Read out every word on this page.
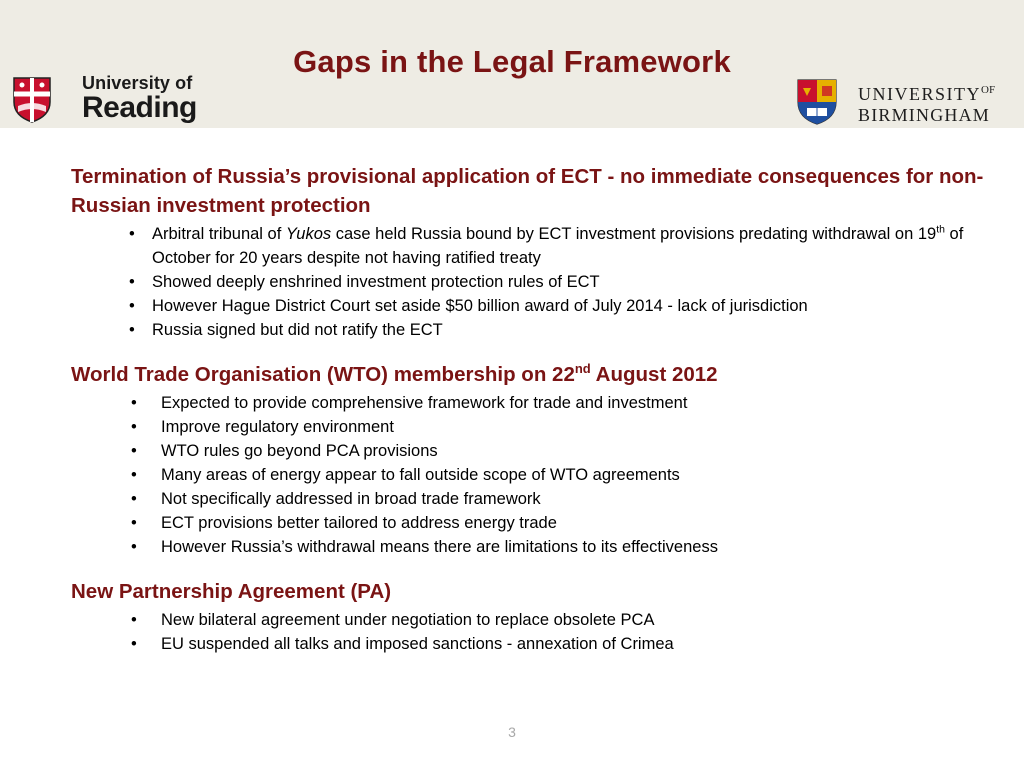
Gaps in the Legal Framework
University of
Reading	$UNIVERSITY^{OF}$
BIRMINGHAM
Termination of Russia’s provisional application of ECT - no immediate consequences for non-Russian investment protection
• Arbitral tribunal of Yukos case held Russia bound by ECT investment provisions predating withdrawal on 19th of October for 20 years despite not having ratified treaty
• Showed deeply enshrined investment protection rules of ECT
• However Hague District Court set aside $50 billion award of July 2014 - lack of jurisdiction
• Russia signed but did not ratify the ECT
World Trade Organisation (WTO) membership on 22nd August 2012
• Expected to provide comprehensive framework for trade and investment
• Improve regulatory environment
• WTO rules go beyond PCA provisions
• Many areas of energy appear to fall outside scope of WTO agreements
• Not specifically addressed in broad trade framework
• ECT provisions better tailored to address energy trade
• However Russia’s withdrawal means there are limitations to its effectiveness
New Partnership Agreement (PA)
• New bilateral agreement under negotiation to replace obsolete PCA
• EU suspended all talks and imposed sanctions - annexation of Crimea
3
